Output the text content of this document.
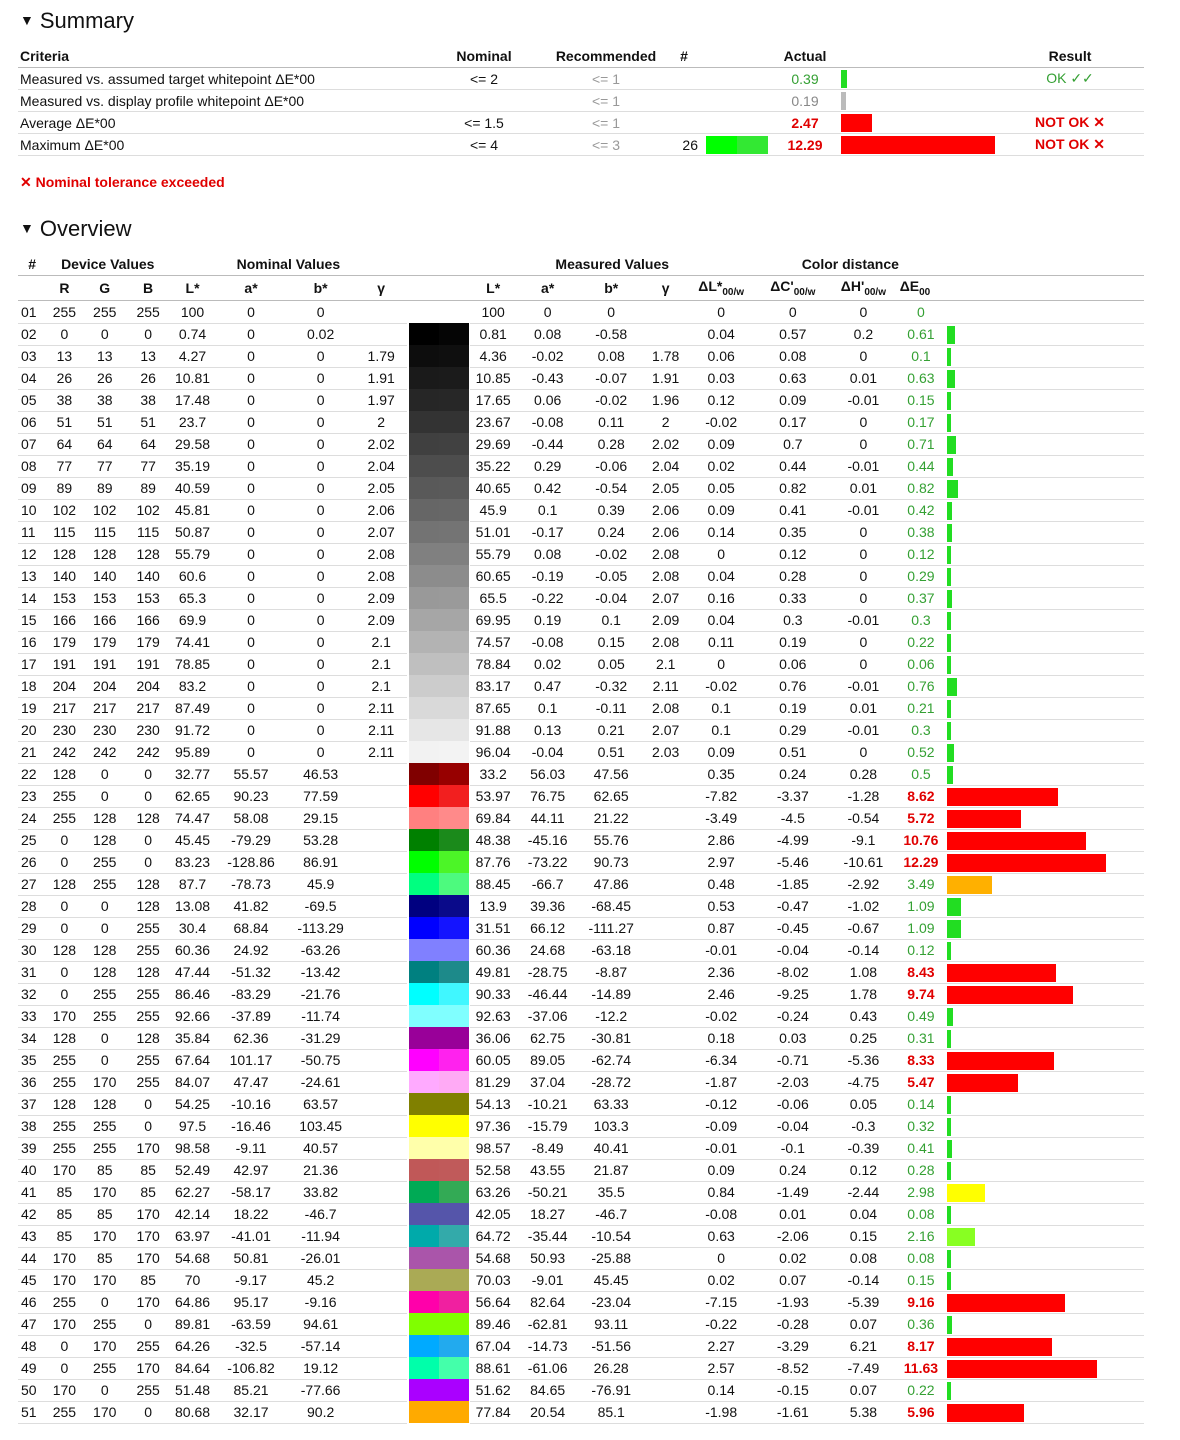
▼ Summary
Criteria	Nominal	Recommended	#		Actual		Result
Measured vs. assumed target whitepoint ΔE*00	<= 2	<= 1			0.39		OK ✓✓
Measured vs. display profile whitepoint ΔE*00		<= 1			0.19	

Average ΔE*00	<= 1.5	<= 1			2.47		NOT OK ✕
Maximum ΔE*00	<= 4	<= 3	26		12.29		NOT OK ✕
✕ Nominal tolerance exceeded
▼ Overview
#	Device Values			Nominal Values					Measured Values					Color distance			
	R	G	B	L*	a*	b*	γ		L*	a*	b*	γ	$\Delta L*_{00/w}$	$\Delta C'_{00/w}$	$\Delta H'_{00/w}$	$\Delta E_{00}$	
01	255	255	255	100	0	0			100	0	0		0	0	0	0	
02	0	0	0	0.74	0	0.02			0.81	0.08	-0.58		0.04	0.57	0.2	0.61	

03	13	13	13	4.27	0	0	1.79		4.36	-0.02	0.08	1.78	0.06	0.08	0	0.1	

04	26	26	26	10.81	0	0	1.91		10.85	-0.43	-0.07	1.91	0.03	0.63	0.01	0.63	

05	38	38	38	17.48	0	0	1.97		17.65	0.06	-0.02	1.96	0.12	0.09	-0.01	0.15	

06	51	51	51	23.7	0	0	2		23.67	-0.08	0.11	2	-0.02	0.17	0	0.17	

07	64	64	64	29.58	0	0	2.02		29.69	-0.44	0.28	2.02	0.09	0.7	0	0.71	

08	77	77	77	35.19	0	0	2.04		35.22	0.29	-0.06	2.04	0.02	0.44	-0.01	0.44	

09	89	89	89	40.59	0	0	2.05		40.65	0.42	-0.54	2.05	0.05	0.82	0.01	0.82	

10	102	102	102	45.81	0	0	2.06		45.9	0.1	0.39	2.06	0.09	0.41	-0.01	0.42	

11	115	115	115	50.87	0	0	2.07		51.01	-0.17	0.24	2.06	0.14	0.35	0	0.38	

12	128	128	128	55.79	0	0	2.08		55.79	0.08	-0.02	2.08	0	0.12	0	0.12	

13	140	140	140	60.6	0	0	2.08		60.65	-0.19	-0.05	2.08	0.04	0.28	0	0.29	

14	153	153	153	65.3	0	0	2.09		65.5	-0.22	-0.04	2.07	0.16	0.33	0	0.37	

15	166	166	166	69.9	0	0	2.09		69.95	0.19	0.1	2.09	0.04	0.3	-0.01	0.3	

16	179	179	179	74.41	0	0	2.1		74.57	-0.08	0.15	2.08	0.11	0.19	0	0.22	

17	191	191	191	78.85	0	0	2.1		78.84	0.02	0.05	2.1	0	0.06	0	0.06	

18	204	204	204	83.2	0	0	2.1		83.17	0.47	-0.32	2.11	-0.02	0.76	-0.01	0.76	

19	217	217	217	87.49	0	0	2.11		87.65	0.1	-0.11	2.08	0.1	0.19	0.01	0.21	

20	230	230	230	91.72	0	0	2.11		91.88	0.13	0.21	2.07	0.1	0.29	-0.01	0.3	

21	242	242	242	95.89	0	0	2.11		96.04	-0.04	0.51	2.03	0.09	0.51	0	0.52	

22	128	0	0	32.77	55.57	46.53			33.2	56.03	47.56		0.35	0.24	0.28	0.5	

23	255	0	0	62.65	90.23	77.59			53.97	76.75	62.65		-7.82	-3.37	-1.28	8.62	

24	255	128	128	74.47	58.08	29.15			69.84	44.11	21.22		-3.49	-4.5	-0.54	5.72	

25	0	128	0	45.45	-79.29	53.28			48.38	-45.16	55.76		2.86	-4.99	-9.1	10.76	

26	0	255	0	83.23	-128.86	86.91			87.76	-73.22	90.73		2.97	-5.46	-10.61	12.29	

27	128	255	128	87.7	-78.73	45.9			88.45	-66.7	47.86		0.48	-1.85	-2.92	3.49	

28	0	0	128	13.08	41.82	-69.5			13.9	39.36	-68.45		0.53	-0.47	-1.02	1.09	

29	0	0	255	30.4	68.84	-113.29			31.51	66.12	-111.27		0.87	-0.45	-0.67	1.09	

30	128	128	255	60.36	24.92	-63.26			60.36	24.68	-63.18		-0.01	-0.04	-0.14	0.12	

31	0	128	128	47.44	-51.32	-13.42			49.81	-28.75	-8.87		2.36	-8.02	1.08	8.43	

32	0	255	255	86.46	-83.29	-21.76			90.33	-46.44	-14.89		2.46	-9.25	1.78	9.74	

33	170	255	255	92.66	-37.89	-11.74			92.63	-37.06	-12.2		-0.02	-0.24	0.43	0.49	

34	128	0	128	35.84	62.36	-31.29			36.06	62.75	-30.81		0.18	0.03	0.25	0.31	

35	255	0	255	67.64	101.17	-50.75			60.05	89.05	-62.74		-6.34	-0.71	-5.36	8.33	

36	255	170	255	84.07	47.47	-24.61			81.29	37.04	-28.72		-1.87	-2.03	-4.75	5.47	

37	128	128	0	54.25	-10.16	63.57			54.13	-10.21	63.33		-0.12	-0.06	0.05	0.14	

38	255	255	0	97.5	-16.46	103.45			97.36	-15.79	103.3		-0.09	-0.04	-0.3	0.32	

39	255	255	170	98.58	-9.11	40.57			98.57	-8.49	40.41		-0.01	-0.1	-0.39	0.41	

40	170	85	85	52.49	42.97	21.36			52.58	43.55	21.87		0.09	0.24	0.12	0.28	

41	85	170	85	62.27	-58.17	33.82			63.26	-50.21	35.5		0.84	-1.49	-2.44	2.98	

42	85	85	170	42.14	18.22	-46.7			42.05	18.27	-46.7		-0.08	0.01	0.04	0.08	

43	85	170	170	63.97	-41.01	-11.94			64.72	-35.44	-10.54		0.63	-2.06	0.15	2.16	

44	170	85	170	54.68	50.81	-26.01			54.68	50.93	-25.88		0	0.02	0.08	0.08	

45	170	170	85	70	-9.17	45.2			70.03	-9.01	45.45		0.02	0.07	-0.14	0.15	

46	255	0	170	64.86	95.17	-9.16			56.64	82.64	-23.04		-7.15	-1.93	-5.39	9.16	

47	170	255	0	89.81	-63.59	94.61			89.46	-62.81	93.11		-0.22	-0.28	0.07	0.36	

48	0	170	255	64.26	-32.5	-57.14			67.04	-14.73	-51.56		2.27	-3.29	6.21	8.17	

49	0	255	170	84.64	-106.82	19.12			88.61	-61.06	26.28		2.57	-8.52	-7.49	11.63	

50	170	0	255	51.48	85.21	-77.66			51.62	84.65	-76.91		0.14	-0.15	0.07	0.22	

51	255	170	0	80.68	32.17	90.2			77.84	20.54	85.1		-1.98	-1.61	5.38	5.96	
